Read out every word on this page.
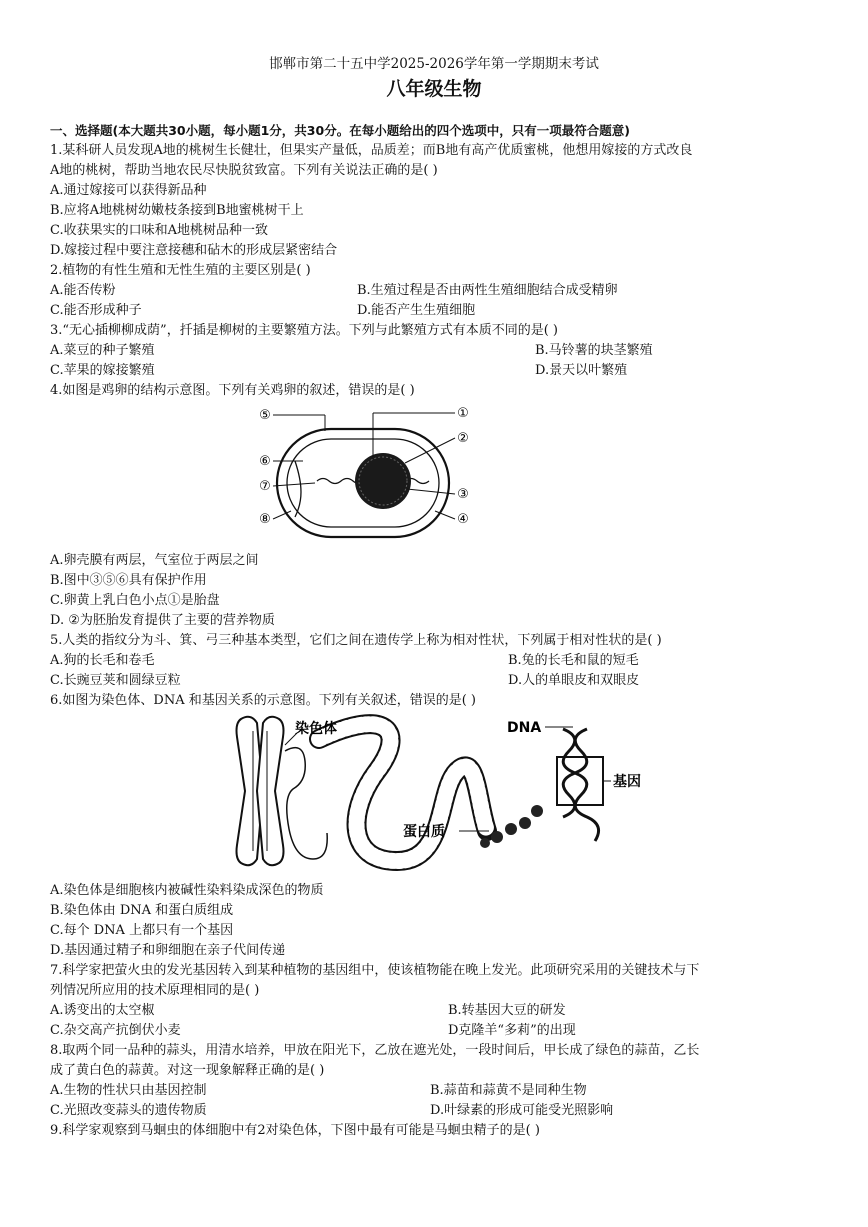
邯郸市第二十五中学2025-2026学年第一学期期末考试
八年级生物
一、选择题(本大题共30小题，每小题1分，共30分。在每小题给出的四个选项中，只有一项最符合题意)
1.某科研人员发现A地的桃树生长健壮，但果实产量低，品质差；而B地有高产优质蜜桃，他想用嫁接的方式改良
A地的桃树，帮助当地农民尽快脱贫致富。下列有关说法正确的是( )
A.通过嫁接可以获得新品种
B.应将A地桃树幼嫩枝条接到B地蜜桃树干上
C.收获果实的口味和A地桃树品种一致
D.嫁接过程中要注意接穗和砧木的形成层紧密结合
2.植物的有性生殖和无性生殖的主要区别是( )
A.能否传粉	B.生殖过程是否由两性生殖细胞结合成受精卵
C.能否形成种子	D.能否产生生殖细胞
3.“无心插柳柳成荫”，扦插是柳树的主要繁殖方法。下列与此繁殖方式有本质不同的是( )
A.菜豆的种子繁殖	B.马铃薯的块茎繁殖
C.苹果的嫁接繁殖	D.景天以叶繁殖
4.如图是鸡卵的结构示意图。下列有关鸡卵的叙述，错误的是( )
①
②
③
④
⑤
⑥
⑦
⑧
A.卵壳膜有两层，气室位于两层之间
B.图中③⑤⑥具有保护作用
C.卵黄上乳白色小点①是胎盘
D. ②为胚胎发育提供了主要的营养物质
5.人类的指纹分为斗、箕、弓三种基本类型，它们之间在遗传学上称为相对性状，下列属于相对性状的是( )
A.狗的长毛和卷毛	B.兔的长毛和鼠的短毛
C.长豌豆荚和圆绿豆粒	D.人的单眼皮和双眼皮
6.如图为染色体、DNA 和基因关系的示意图。下列有关叙述，错误的是( )
染色体	DNA
基因
蛋白质
A.染色体是细胞核内被碱性染料染成深色的物质
B.染色体由 DNA 和蛋白质组成
C.每个 DNA 上都只有一个基因
D.基因通过精子和卵细胞在亲子代间传递
7.科学家把萤火虫的发光基因转入到某种植物的基因组中，使该植物能在晚上发光。此项研究采用的关键技术与下
列情况所应用的技术原理相同的是( )
A.诱变出的太空椒	B.转基因大豆的研发
C.杂交高产抗倒伏小麦	D克隆羊“多莉”的出现
8.取两个同一品种的蒜头，用清水培养，甲放在阳光下，乙放在遮光处，一段时间后，甲长成了绿色的蒜苗，乙长
成了黄白色的蒜黄。对这一现象解释正确的是( )
A.生物的性状只由基因控制	B.蒜苗和蒜黄不是同种生物
C.光照改变蒜头的遗传物质	D.叶绿素的形成可能受光照影响
9.科学家观察到马蛔虫的体细胞中有2对染色体，下图中最有可能是马蛔虫精子的是( )
